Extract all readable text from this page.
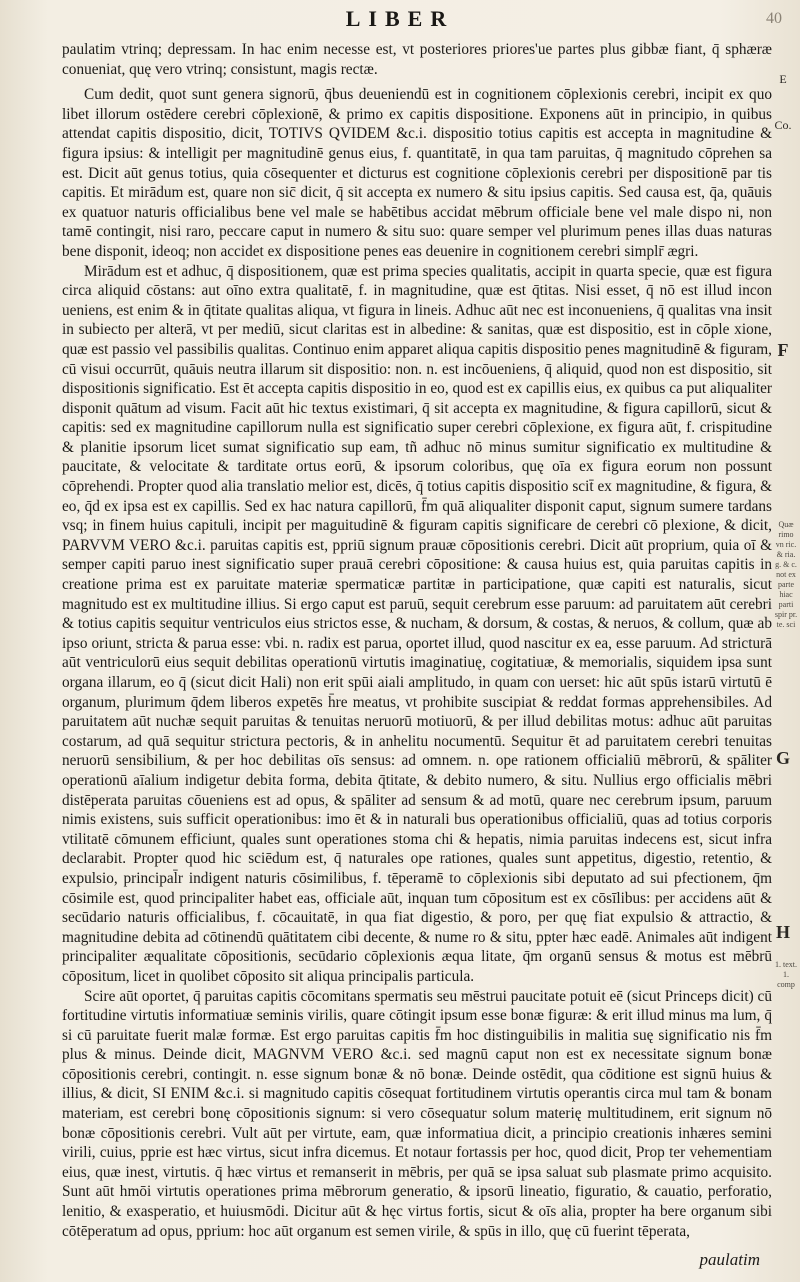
LIBER	40

paulatim vtrinq; depressam. In hac enim necesse est, vt posteriores priores'ue partes plus gibbæ fiant, q̄ sphæræ conueniat, quę vero vtrinq; consistunt, magis rectæ.

Cum dedit, quot sunt genera signorū, q̄bus deueniendū est in cognitionem cōplexionis cerebri, incipit ex quo libet illorum ostēdere cerebri cōplexionē, & primo ex capitis dispositione. Exponens aūt in principio, in quibus attendat capitis dispositio, dicit, TOTIVS QVIDEM &c.i. dispositio totius capitis est accepta in magnitudine & figura ipsius: & intelligit per magnitudinē genus eius, f. quantitatē, in qua tam paruitas, q̄ magnitudo cōprehen sa est. Dicit aūt genus totius, quia cōsequenter et dicturus est cognitione cōplexionis cerebri per dispositionē par tis capitis. Et mirādum est, quare non sic̄ dicit, q̄ sit accepta ex numero & situ ipsius capitis. Sed causa est, q̄a, quāuis ex quatuor naturis officialibus bene vel male se habētibus accidat mēbrum officiale bene vel male dispo ni, non tamē contingit, nisi raro, peccare caput in numero & situ suo: quare semper vel plurimum penes illas duas naturas bene disponit, ideoq; non accidet ex dispositione penes eas deuenire in cognitionem cerebri simplr̄ ægri.

Mirādum est et adhuc, q̄ dispositionem, quæ est prima species qualitatis, accipit in quarta specie, quæ est figura circa aliquid cōstans: aut oīno extra qualitatē, f. in magnitudine, quæ est q̄titas. Nisi esset, q̄ nō est illud incon ueniens, est enim & in q̄titate qualitas aliqua, vt figura in lineis. Adhuc aūt nec est inconueniens, q̄ qualitas vna insit in subiecto per alterā, vt per mediū, sicut claritas est in albedine: & sanitas, quæ est dispositio, est in cōple xione, quæ est passio vel passibilis qualitas. Continuo enim apparet aliqua capitis dispositio penes magnitudinē & figuram, cū visui occurrūt, quāuis neutra illarum sit dispositio: non. n. est incōueniens, q̄ aliquid, quod non est dispositio, sit dispositionis significatio. Est ēt accepta capitis dispositio in eo, quod est ex capillis eius, ex quibus ca put aliqualiter disponit quātum ad visum. Facit aūt hic textus existimari, q̄ sit accepta ex magnitudine, & figura capillorū, sicut & capitis: sed ex magnitudine capillorum nulla est significatio super cerebri cōplexione, ex figura aūt, f. crispitudine & planitie ipsorum licet sumat significatio sup eam, tñ adhuc nō minus sumitur significatio ex multitudine & paucitate, & velocitate & tarditate ortus eorū, & ipsorum coloribus, quę oīa ex figura eorum non possunt cōprehendi. Propter quod alia translatio melior est, dicēs, q̄ totius capitis dispositio scit̄ ex magnitudine, & figura, & eo, q̄d ex ipsa est ex capillis. Sed ex hac natura capillorū, f̄m quā aliqualiter disponit caput, signum sumere tardans vsq; in finem huius capituli, incipit per maguitudinē & figuram capitis significare de cerebri cō plexione, & dicit, PARVVM VERO &c.i. paruitas capitis est, ppriū signum prauæ cōpositionis cerebri. Dicit aūt proprium, quia oī & semper capiti paruo inest significatio super prauā cerebri cōpositione: & causa huius est, quia paruitas capitis in creatione prima est ex paruitate materiæ spermaticæ partitæ in participatione, quæ capiti est naturalis, sicut magnitudo est ex multitudine illius. Si ergo caput est paruū, sequit cerebrum esse paruum: ad paruitatem aūt cerebri & totius capitis sequitur ventriculos eius strictos esse, & nucham, & dorsum, & costas, & neruos, & collum, quæ ab ipso oriunt, stricta & parua esse: vbi. n. radix est parua, oportet illud, quod nascitur ex ea, esse paruum. Ad stricturā aūt ventriculorū eius sequit debilitas operationū virtutis imaginatiuę, cogitatiuæ, & memorialis, siquidem ipsa sunt organa illarum, eo q̄ (sicut dicit Hali) non erit spūi aiali amplitudo, in quam con uerset: hic aūt spūs istarū virtutū ē organum, plurimum q̄dem liberos expetēs h̄re meatus, vt prohibite suscipiat & reddat formas apprehensibiles. Ad paruitatem aūt nuchæ sequit paruitas & tenuitas neruorū motiuorū, & per illud debilitas motus: adhuc aūt paruitas costarum, ad quā sequitur strictura pectoris, & in anhelitu nocumentū. Sequitur ēt ad paruitatem cerebri tenuitas neruorū sensibilium, & per hoc debilitas oīs sensus: ad omnem. n. ope rationem officialiū mēbrorū, & spāliter operationū aīalium indigetur debita forma, debita q̄titate, & debito numero, & situ. Nullius ergo officialis mēbri distēperata paruitas cōueniens est ad opus, & spāliter ad sensum & ad motū, quare nec cerebrum ipsum, paruum nimis existens, suis sufficit operationibus: imo ēt & in naturali bus operationibus officialiū, quas ad totius corporis vtilitatē cōmunem efficiunt, quales sunt operationes stoma chi & hepatis, nimia paruitas indecens est, sicut infra declarabit. Propter quod hic sciēdum est, q̄ naturales ope rationes, quales sunt appetitus, digestio, retentio, & expulsio, principal̄r indigent naturis cōsimilibus, f. tēperamē to cōplexionis sibi deputato ad sui pfectionem, q̄m cōsimile est, quod principaliter habet eas, officiale aūt, inquan tum cōpositum est ex cōsīlibus: per accidens aūt & secūdario naturis officialibus, f. cōcauitatē, in qua fiat digestio, & poro, per quę fiat expulsio & attractio, & magnitudine debita ad cōtinendū quātitatem cibi decente, & nume ro & situ, ppter hæc eadē. Animales aūt indigent principaliter æqualitate cōpositionis, secūdario cōplexionis æqua litate, q̄m organū sensus & motus est mēbrū cōpositum, licet in quolibet cōposito sit aliqua principalis particula.

Scire aūt oportet, q̄ paruitas capitis cōcomitans spermatis seu mēstrui paucitate potuit eē (sicut Princeps dicit) cū fortitudine virtutis informatiuæ seminis virilis, quare cōtingit ipsum esse bonæ figuræ: & erit illud minus ma lum, q̄ si cū paruitate fuerit malæ formæ. Est ergo paruitas capitis f̄m hoc distinguibilis in malitia suę significatio nis f̄m plus & minus. Deinde dicit, MAGNVM VERO &c.i. sed magnū caput non est ex necessitate signum bonæ cōpositionis cerebri, contingit. n. esse signum bonæ & nō bonæ. Deinde ostēdit, qua cōditione est signū huius & illius, & dicit, SI ENIM &c.i. si magnitudo capitis cōsequat fortitudinem virtutis operantis circa mul tam & bonam materiam, est cerebri bonę cōpositionis signum: si vero cōsequatur solum materię multitudinem, erit signum nō bonæ cōpositionis cerebri. Vult aūt per virtute, eam, quæ informatiua dicit, a principio creationis inhæres semini virili, cuius, pprie est hæc virtus, sicut infra dicemus. Et notaur fortassis per hoc, quod dicit, Prop ter vehementiam eius, quæ inest, virtutis. q̄ hæc virtus et remanserit in mēbris, per quā se ipsa saluat sub plasmate primo acquisito. Sunt aūt hmōi virtutis operationes prima mēbrorum generatio, & ipsorū lineatio, figuratio, & cauatio, perforatio, lenitio, & exasperatio, et huiusmōdi. Dicitur aūt & hęc virtus fortis, sicut & oīs alia, propter ha bere organum sibi cōtēperatum ad opus, pprium: hoc aūt organum est semen virile, & spūs in illo, quę cū fuerint tēperata,

E
Co.
F
Quæ rimo vn ric. & ria. g. & c. not ex parte hiac parti spir pr. te. sci
G
H
1. text. 1. comp
paulatim
